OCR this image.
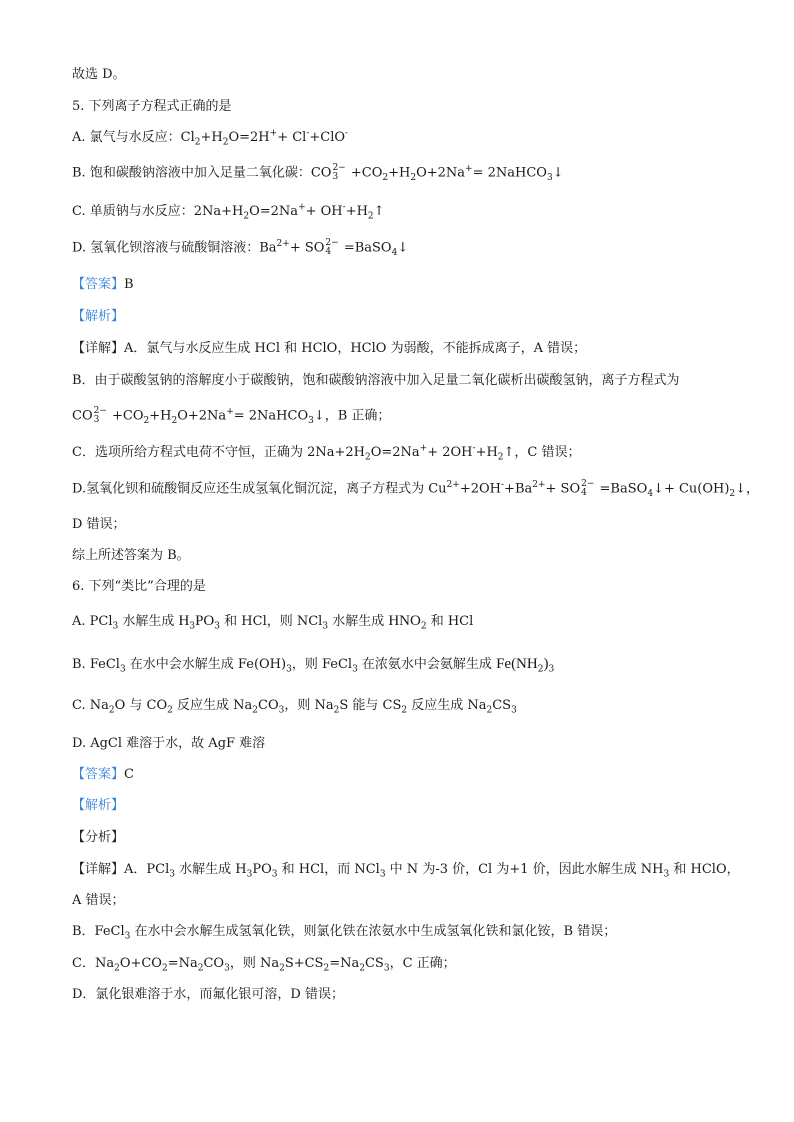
故选 D。
5. 下列离子方程式正确的是
A. 氯气与水反应：$Cl_2+H_2O=2H^++ Cl^-+ClO^-$
B. 饱和碳酸钠溶液中加入足量二氧化碳：CO 2−
$3 +CO_2+H_2O+2Na^+=$ 2NaHCO$_3$↓
C. 单质钠与水反应：$2Na+H_2O=2Na^++$ $OH^-+H_2↑$
D. 氢氧化钡溶液与硫酸铜溶液：$Ba^{2+}+$ SO 2−
4 =BaSO$_4$↓
【答案】B
【解析】
【详解】A．氯气与水反应生成 HCl 和 HClO，HClO 为弱酸，不能拆成离子，A 错误；
B．由于碳酸氢钠的溶解度小于碳酸钠，饱和碳酸钠溶液中加入足量二氧化碳析出碳酸氢钠，离子方程式为
CO 2−
$3 +CO_2+H_2O+2Na^+=$ 2NaHCO$_3$↓，B 正确；
C．选项所给方程式电荷不守恒，正确为 $2Na+2H_2O=2Na^++$ $2OH^-+H_2↑$，C 错误；
D.氢氧化钡和硫酸铜反应还生成氢氧化铜沉淀，离子方程式为 $Cu^{2+}+2OH^-+Ba^{2+}+$ SO 2−
4 =BaSO$_4$↓+ $Cu(OH)_2↓$，
D 错误；
综上所述答案为 B。
6. 下列“类比”合理的是
A. PCl$_3$ 水解生成 $H_3PO_3$ 和 HCl，则 NCl$_3$ 水解生成 $HNO_2$ 和 HCl
B. FeCl$_3$ 在水中会水解生成 $Fe(OH)_3$，则 FeCl$_3$ 在浓氨水中会氨解生成 $Fe(NH_2)_3$
C. $Na_2O$ 与 $CO_2$ 反应生成 $Na_2CO_3$，则 $Na_2S$ 能与 $CS_2$ 反应生成 $Na_2CS_3$
D. AgCl 难溶于水，故 AgF 难溶
【答案】C
【解析】
【分析】
【详解】A．PCl$_3$ 水解生成 $H_3PO_3$ 和 HCl，而 NCl$_3$ 中 N 为-3 价，Cl 为+1 价，因此水解生成 $NH_3$ 和 HClO，
A 错误；
B．FeCl$_3$ 在水中会水解生成氢氧化铁，则氯化铁在浓氨水中生成氢氧化铁和氯化铵，B 错误；
C．$Na_2O+CO_2=Na_2CO_3$，则 $Na_2S+CS_2=Na_2CS_3$，C 正确；
D．氯化银难溶于水，而氟化银可溶，D 错误；
